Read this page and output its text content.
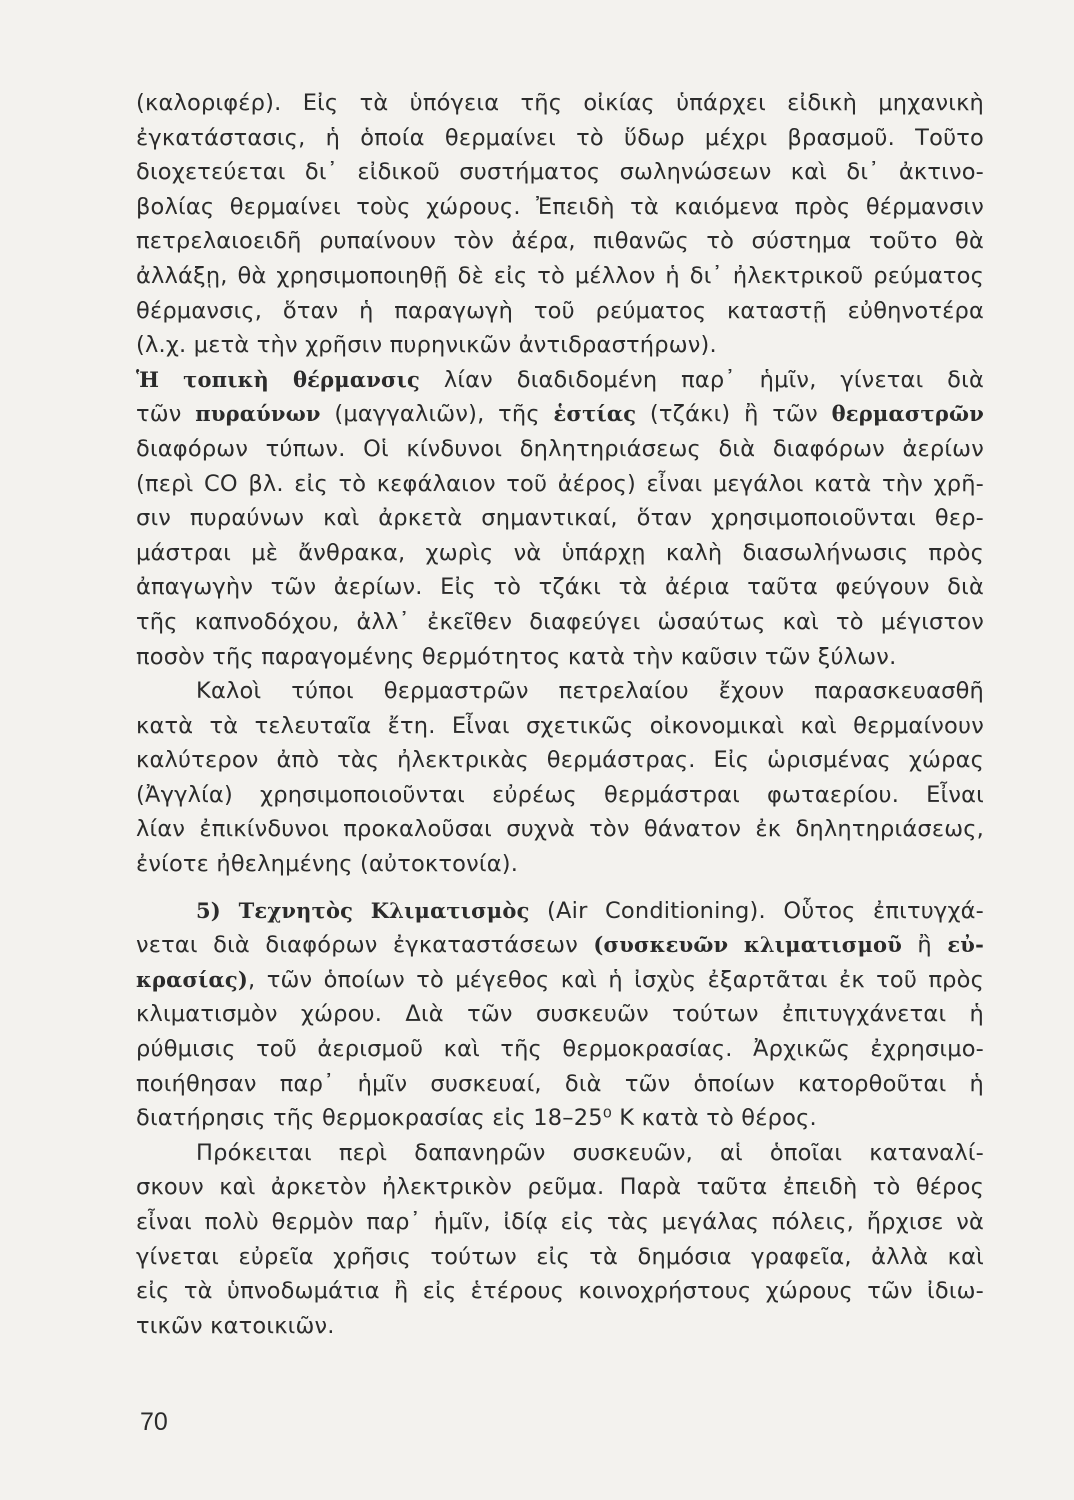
(καλοριφέρ). Εἰς τὰ ὑπόγεια τῆς οἰκίας ὑπάρχει εἰδικὴ μηχανικὴ
ἐγκατάστασις, ἡ ὁποία θερμαίνει τὸ ὕδωρ μέχρι βρασμοῦ. Τοῦτο
διοχετεύεται δι᾽ εἰδικοῦ συστήματος σωληνώσεων καὶ δι᾽ ἀκτινο-
βολίας θερμαίνει τοὺς χώρους. Ἐπειδὴ τὰ καιόμενα πρὸς θέρμανσιν
πετρελαιοειδῆ ρυπαίνουν τὸν ἀέρα, πιθανῶς τὸ σύστημα τοῦτο θὰ
ἀλλάξῃ, θὰ χρησιμοποιηθῇ δὲ εἰς τὸ μέλλον ἡ δι᾽ ἠλεκτρικοῦ ρεύματος
θέρμανσις, ὅταν ἡ παραγωγὴ τοῦ ρεύματος καταστῇ εὐθηνοτέρα
(λ.χ. μετὰ τὴν χρῆσιν πυρηνικῶν ἀντιδραστήρων).
Ἡ τοπικὴ θέρμανσις λίαν διαδιδομένη παρ᾽ ἡμῖν, γίνεται διὰ
τῶν πυραύνων (μαγγαλιῶν), τῆς ἑστίας (τζάκι) ἢ τῶν θερμαστρῶν
διαφόρων τύπων. Οἱ κίνδυνοι δηλητηριάσεως διὰ διαφόρων ἀερίων
(περὶ CO βλ. εἰς τὸ κεφάλαιον τοῦ ἀέρος) εἶναι μεγάλοι κατὰ τὴν χρῆ-
σιν πυραύνων καὶ ἀρκετὰ σημαντικαί, ὅταν χρησιμοποιοῦνται θερ-
μάστραι μὲ ἄνθρακα, χωρὶς νὰ ὑπάρχῃ καλὴ διασωλήνωσις πρὸς
ἀπαγωγὴν τῶν ἀερίων. Εἰς τὸ τζάκι τὰ ἀέρια ταῦτα φεύγουν διὰ
τῆς καπνοδόχου, ἀλλ᾽ ἐκεῖθεν διαφεύγει ὡσαύτως καὶ τὸ μέγιστον
ποσὸν τῆς παραγομένης θερμότητος κατὰ τὴν καῦσιν τῶν ξύλων.
Καλοὶ τύποι θερμαστρῶν πετρελαίου ἔχουν παρασκευασθῆ
κατὰ τὰ τελευταῖα ἔτη. Εἶναι σχετικῶς οἰκονομικαὶ καὶ θερμαίνουν
καλύτερον ἀπὸ τὰς ἠλεκτρικὰς θερμάστρας. Εἰς ὡρισμένας χώρας
(Ἀγγλία) χρησιμοποιοῦνται εὐρέως θερμάστραι φωταερίου. Εἶναι
λίαν ἐπικίνδυνοι προκαλοῦσαι συχνὰ τὸν θάνατον ἐκ δηλητηριάσεως,
ἐνίοτε ἠθελημένης (αὐτοκτονία).
5) Τεχνητὸς Κλιματισμὸς (Air Conditioning). Οὗτος ἐπιτυγχά-
νεται διὰ διαφόρων ἐγκαταστάσεων (συσκευῶν κλιματισμοῦ ἢ εὐ-
κρασίας), τῶν ὁποίων τὸ μέγεθος καὶ ἡ ἰσχὺς ἐξαρτᾶται ἐκ τοῦ πρὸς
κλιματισμὸν χώρου. Διὰ τῶν συσκευῶν τούτων ἐπιτυγχάνεται ἡ
ρύθμισις τοῦ ἀερισμοῦ καὶ τῆς θερμοκρασίας. Ἀρχικῶς ἐχρησιμο-
ποιήθησαν παρ᾽ ἡμῖν συσκευαί, διὰ τῶν ὁποίων κατορθοῦται ἡ
διατήρησις τῆς θερμοκρασίας εἰς 18–25⁰ Κ κατὰ τὸ θέρος.
Πρόκειται περὶ δαπανηρῶν συσκευῶν, αἱ ὁποῖαι καταναλί-
σκουν καὶ ἀρκετὸν ἠλεκτρικὸν ρεῦμα. Παρὰ ταῦτα ἐπειδὴ τὸ θέρος
εἶναι πολὺ θερμὸν παρ᾽ ἡμῖν, ἰδίᾳ εἰς τὰς μεγάλας πόλεις, ἤρχισε νὰ
γίνεται εὐρεῖα χρῆσις τούτων εἰς τὰ δημόσια γραφεῖα, ἀλλὰ καὶ
εἰς τὰ ὑπνοδωμάτια ἢ εἰς ἑτέρους κοινοχρήστους χώρους τῶν ἰδιω-
τικῶν κατοικιῶν.
70
